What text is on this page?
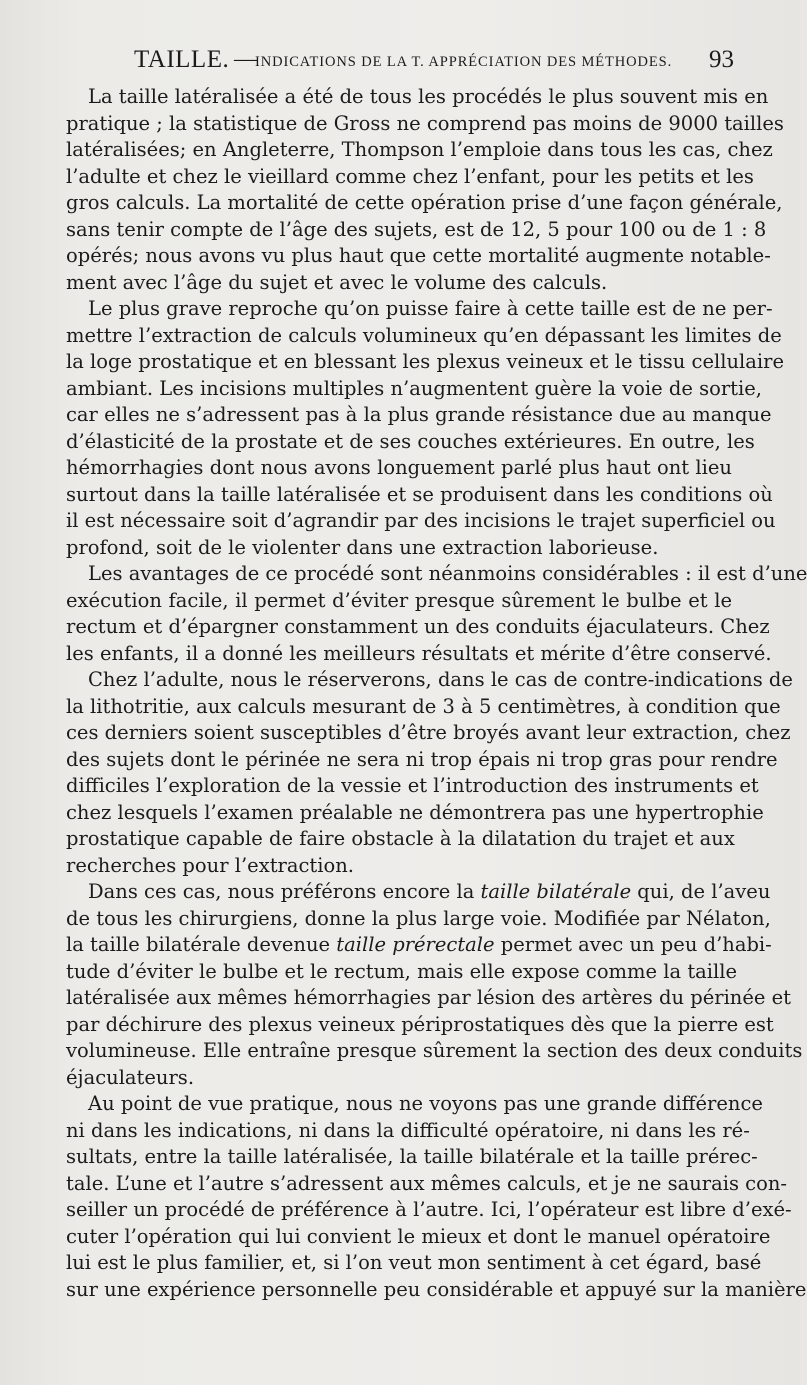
TAILLE. —
INDICATIONS DE LA T. APPRÉCIATION DES MÉTHODES. 93
La taille latéralisée a été de tous les procédés le plus souvent mis en
pratique ; la statistique de Gross ne comprend pas moins de 9000 tailles
latéralisées; en Angleterre, Thompson l’emploie dans tous les cas, chez
l’adulte et chez le vieillard comme chez l’enfant, pour les petits et les
gros calculs. La mortalité de cette opération prise d’une façon générale,
sans tenir compte de l’âge des sujets, est de 12, 5 pour 100 ou de 1 : 8
opérés; nous avons vu plus haut que cette mortalité augmente notable-
ment avec l’âge du sujet et avec le volume des calculs.
Le plus grave reproche qu’on puisse faire à cette taille est de ne per-
mettre l’extraction de calculs volumineux qu’en dépassant les limites de
la loge prostatique et en blessant les plexus veineux et le tissu cellulaire
ambiant. Les incisions multiples n’augmentent guère la voie de sortie,
car elles ne s’adressent pas à la plus grande résistance due au manque
d’élasticité de la prostate et de ses couches extérieures. En outre, les
hémorrhagies dont nous avons longuement parlé plus haut ont lieu
surtout dans la taille latéralisée et se produisent dans les conditions où
il est nécessaire soit d’agrandir par des incisions le trajet superficiel ou
profond, soit de le violenter dans une extraction laborieuse.
Les avantages de ce procédé sont néanmoins considérables : il est d’une
exécution facile, il permet d’éviter presque sûrement le bulbe et le
rectum et d’épargner constamment un des conduits éjaculateurs. Chez
les enfants, il a donné les meilleurs résultats et mérite d’être conservé.
Chez l’adulte, nous le réserverons, dans le cas de contre-indications de
la lithotritie, aux calculs mesurant de 3 à 5 centimètres, à condition que
ces derniers soient susceptibles d’être broyés avant leur extraction, chez
des sujets dont le périnée ne sera ni trop épais ni trop gras pour rendre
difficiles l’exploration de la vessie et l’introduction des instruments et
chez lesquels l’examen préalable ne démontrera pas une hypertrophie
prostatique capable de faire obstacle à la dilatation du trajet et aux
recherches pour l’extraction.
Dans ces cas, nous préférons encore la taille bilatérale qui, de l’aveu
de tous les chirurgiens, donne la plus large voie. Modifiée par Nélaton,
la taille bilatérale devenue taille prérectale permet avec un peu d’habi-
tude d’éviter le bulbe et le rectum, mais elle expose comme la taille
latéralisée aux mêmes hémorrhagies par lésion des artères du périnée et
par déchirure des plexus veineux périprostatiques dès que la pierre est
volumineuse. Elle entraîne presque sûrement la section des deux conduits
éjaculateurs.
Au point de vue pratique, nous ne voyons pas une grande différence
ni dans les indications, ni dans la difficulté opératoire, ni dans les ré-
sultats, entre la taille latéralisée, la taille bilatérale et la taille prérec-
tale. L’une et l’autre s’adressent aux mêmes calculs, et je ne saurais con-
seiller un procédé de préférence à l’autre. Ici, l’opérateur est libre d’exé-
cuter l’opération qui lui convient le mieux et dont le manuel opératoire
lui est le plus familier, et, si l’on veut mon sentiment à cet égard, basé
sur une expérience personnelle peu considérable et appuyé sur la manière
